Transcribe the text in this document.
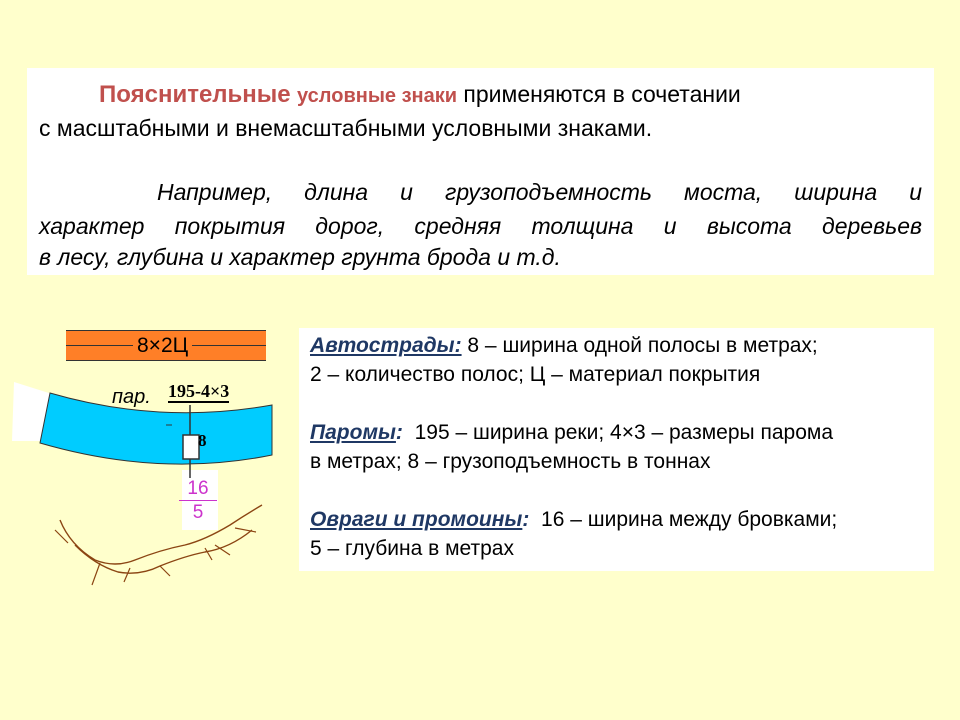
Пояснительные условные знаки применяются в сочетании
с масштабными и внемасштабными условными знаками.
Например, длина и грузоподъемность моста, ширина и
характер покрытия дорог, средняя толщина и высота деревьев
в лесу, глубина и характер грунта брода и т.д.
8×2Ц
пар. 195-4×3
8
16
5
Автострады: 8 – ширина одной полосы в метрах;
2 – количество полос; Ц – материал покрытия
Паромы: 195 – ширина реки; 4×3 – размеры парома
в метрах; 8 – грузоподъемность в тоннах
Овраги и промоины: 16 – ширина между бровками;
5 – глубина в метрах
